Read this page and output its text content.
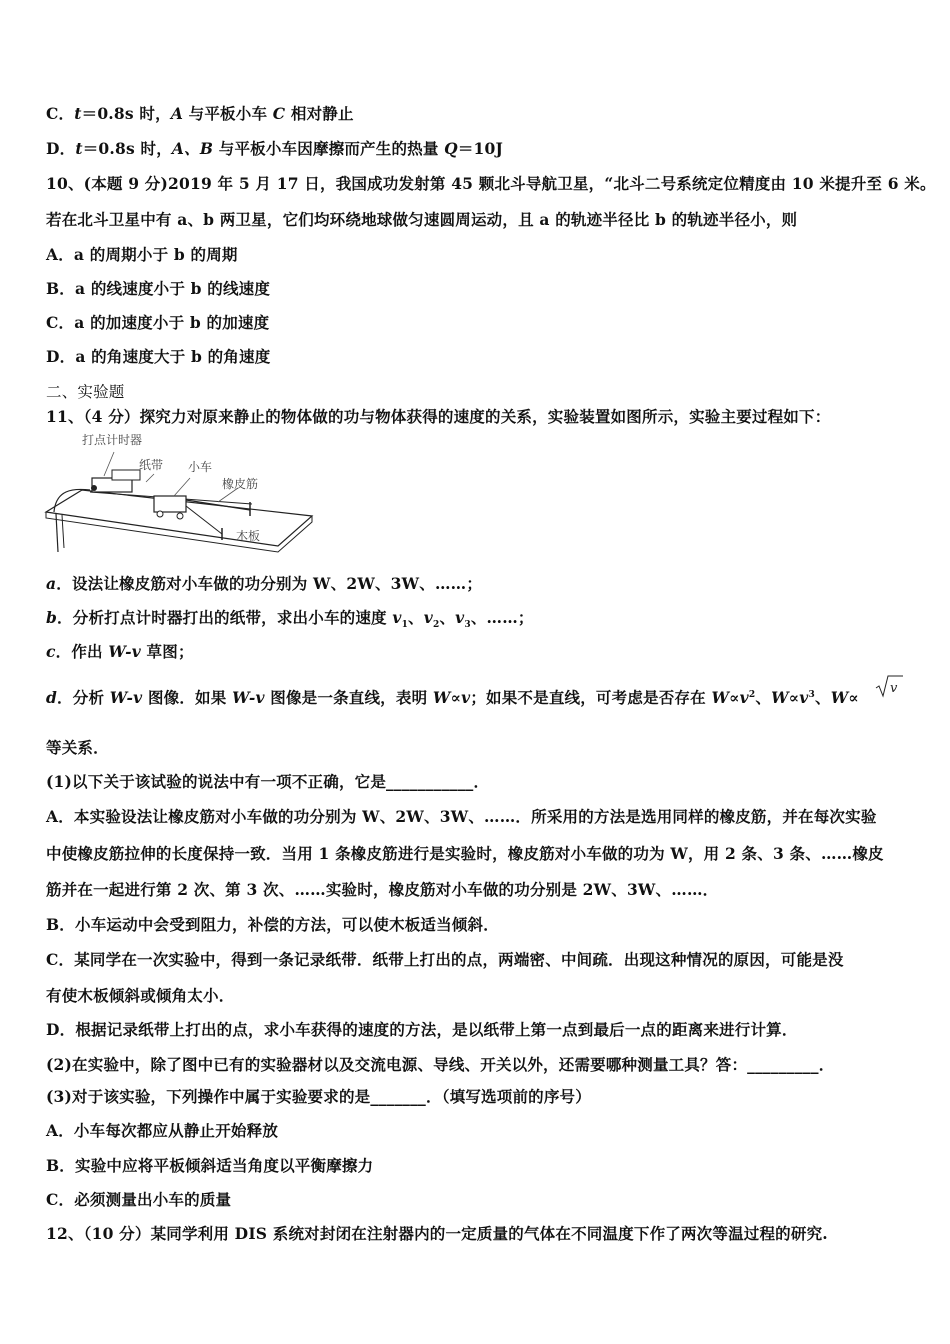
C．t＝0.8s 时，A 与平板小车 C 相对静止
D．t＝0.8s 时，A、B 与平板小车因摩擦而产生的热量 Q＝10J
10、(本题 9 分)2019 年 5 月 17 日，我国成功发射第 45 颗北斗导航卫星，“北斗二号系统定位精度由 10 米提升至 6 米。
若在北斗卫星中有 a、b 两卫星，它们均环绕地球做匀速圆周运动，且 a 的轨迹半径比 b 的轨迹半径小，则
A．a 的周期小于 b 的周期
B．a 的线速度小于 b 的线速度
C．a 的加速度小于 b 的加速度
D．a 的角速度大于 b 的角速度
二、实验题
11、（4 分）探究力对原来静止的物体做的功与物体获得的速度的关系，实验装置如图所示，实验主要过程如下：
打点计时器
纸带 小车
橡皮筋
木板
a．设法让橡皮筋对小车做的功分别为 W、2W、3W、……；
b．分析打点计时器打出的纸带，求出小车的速度 $v_1$、$v_2$、$v_3$、……；
c．作出 W-v 草图；
d．分析 W-v 图像．如果 W-v 图像是一条直线，表明 W∝v；如果不是直线，可考虑是否存在 $W\propto v^2$、$W\propto v^3$、W∝ v
等关系．
(1)以下关于该试验的说法中有一项不正确，它是___________．
A．本实验设法让橡皮筋对小车做的功分别为 W、2W、3W、……．所采用的方法是选用同样的橡皮筋，并在每次实验
中使橡皮筋拉伸的长度保持一致．当用 1 条橡皮筋进行是实验时，橡皮筋对小车做的功为 W，用 2 条、3 条、……橡皮
筋并在一起进行第 2 次、第 3 次、……实验时，橡皮筋对小车做的功分别是 2W、3W、……．
B．小车运动中会受到阻力，补偿的方法，可以使木板适当倾斜．
C．某同学在一次实验中，得到一条记录纸带．纸带上打出的点，两端密、中间疏．出现这种情况的原因，可能是没
有使木板倾斜或倾角太小．
D．根据记录纸带上打出的点，求小车获得的速度的方法，是以纸带上第一点到最后一点的距离来进行计算．
(2)在实验中，除了图中已有的实验器材以及交流电源、导线、开关以外，还需要哪种测量工具？答：_________．
(3)对于该实验，下列操作中属于实验要求的是_______．（填写选项前的序号）
A．小车每次都应从静止开始释放
B．实验中应将平板倾斜适当角度以平衡摩擦力
C．必须测量出小车的质量
12、（10 分）某同学利用 DIS 系统对封闭在注射器内的一定质量的气体在不同温度下作了两次等温过程的研究.
